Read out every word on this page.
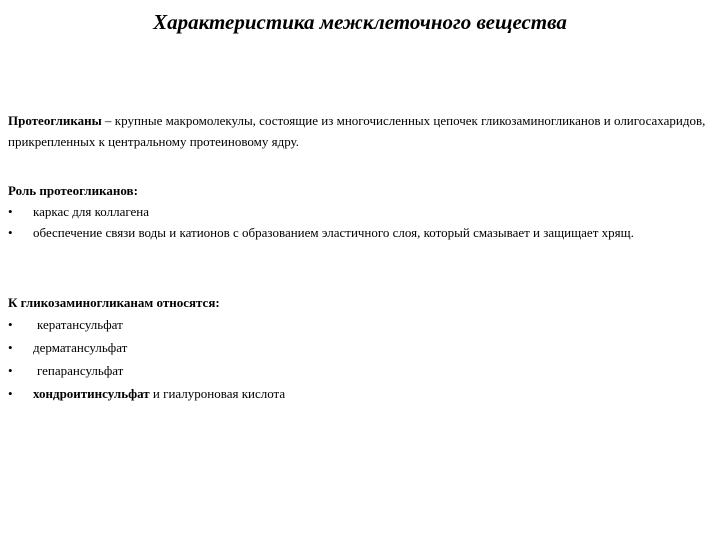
Характеристика межклеточного вещества

Протеогликаны – крупные макромолекулы, состоящие из многочисленных цепочек гликозаминогликанов и олигосахаридов, прикрепленных к центральному протеиновому ядру.

Роль протеогликанов:

• каркас для коллагена
• обеспечение связи воды и катионов с образованием эластичного слоя, который смазывает и защищает хрящ.

К гликозаминогликанам относятся:

• кератансульфат
• дерматансульфат
• гепарансульфат
• хондроитинсульфат и гиалуроновая кислота
